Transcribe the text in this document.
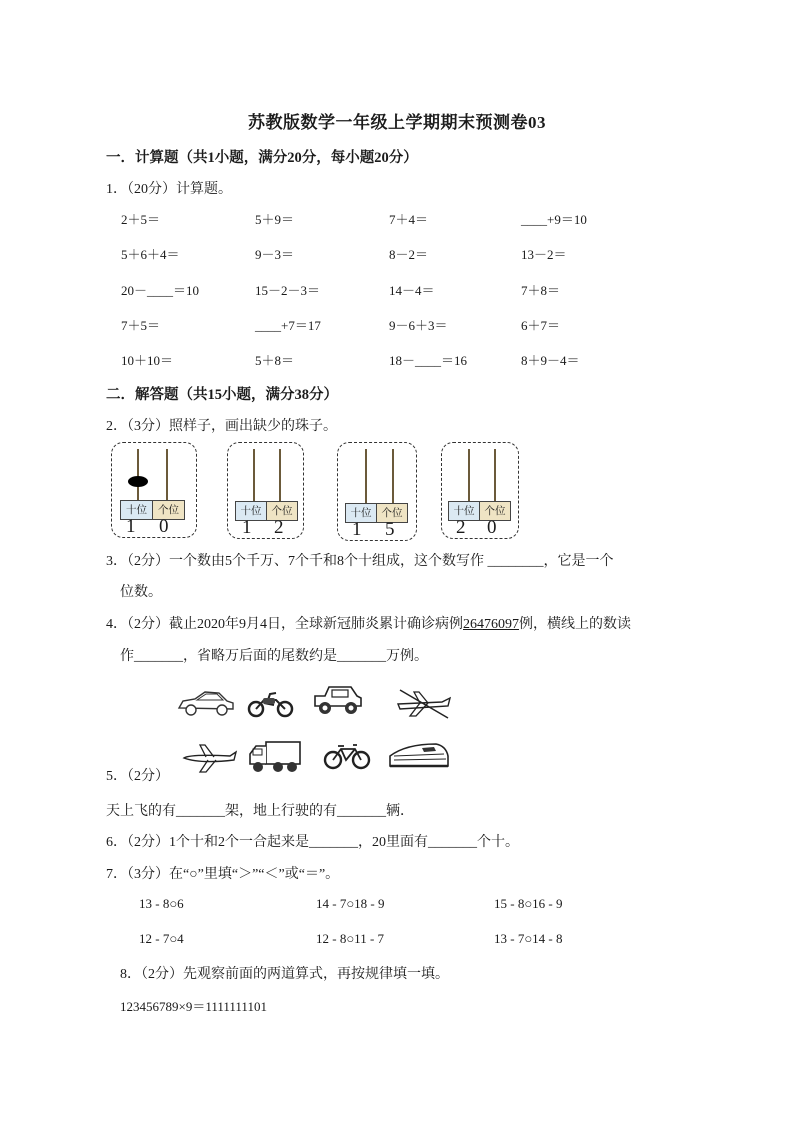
苏教版数学一年级上学期期末预测卷03
一．计算题（共1小题，满分20分，每小题20分）
1．（20分）计算题。
2＋5＝	5＋9＝	7＋4＝	____+9＝10
5＋6＋4＝	9－3＝	8－2＝	13－2＝
20－____＝10	15－2－3＝	14－4＝	7＋8＝
7＋5＝	____+7＝17	9－6＋3＝	6＋7＝
10＋10＝	5＋8＝	18－____＝16	8＋9－4＝
二．解答题（共15小题，满分38分）
2．（3分）照样子，画出缺少的珠子。
十位	个位
1 0
十位 个位
1 2
十位 个位
1 5
十位 个位
2 0
3．（2分）一个数由5个千万、7个千和8个十组成，这个数写作 ________，它是一个
位数。
4．（2分）截止2020年9月4日，全球新冠肺炎累计确诊病例26476097例，横线上的数读
作_______，省略万后面的尾数约是_______万例。
5．（2分）
天上飞的有_______架，地上行驶的有_______辆．
6．（2分）1个十和2个一合起来是_______，20里面有_______个十。
7．（3分）在“○”里填“＞”“＜”或“＝”。
13 - 8○6	14 - 7○18 - 9	15 - 8○16 - 9
12 - 7○4	12 - 8○11 - 7	13 - 7○14 - 8
8．（2分）先观察前面的两道算式，再按规律填一填。
123456789×9＝1111111101
